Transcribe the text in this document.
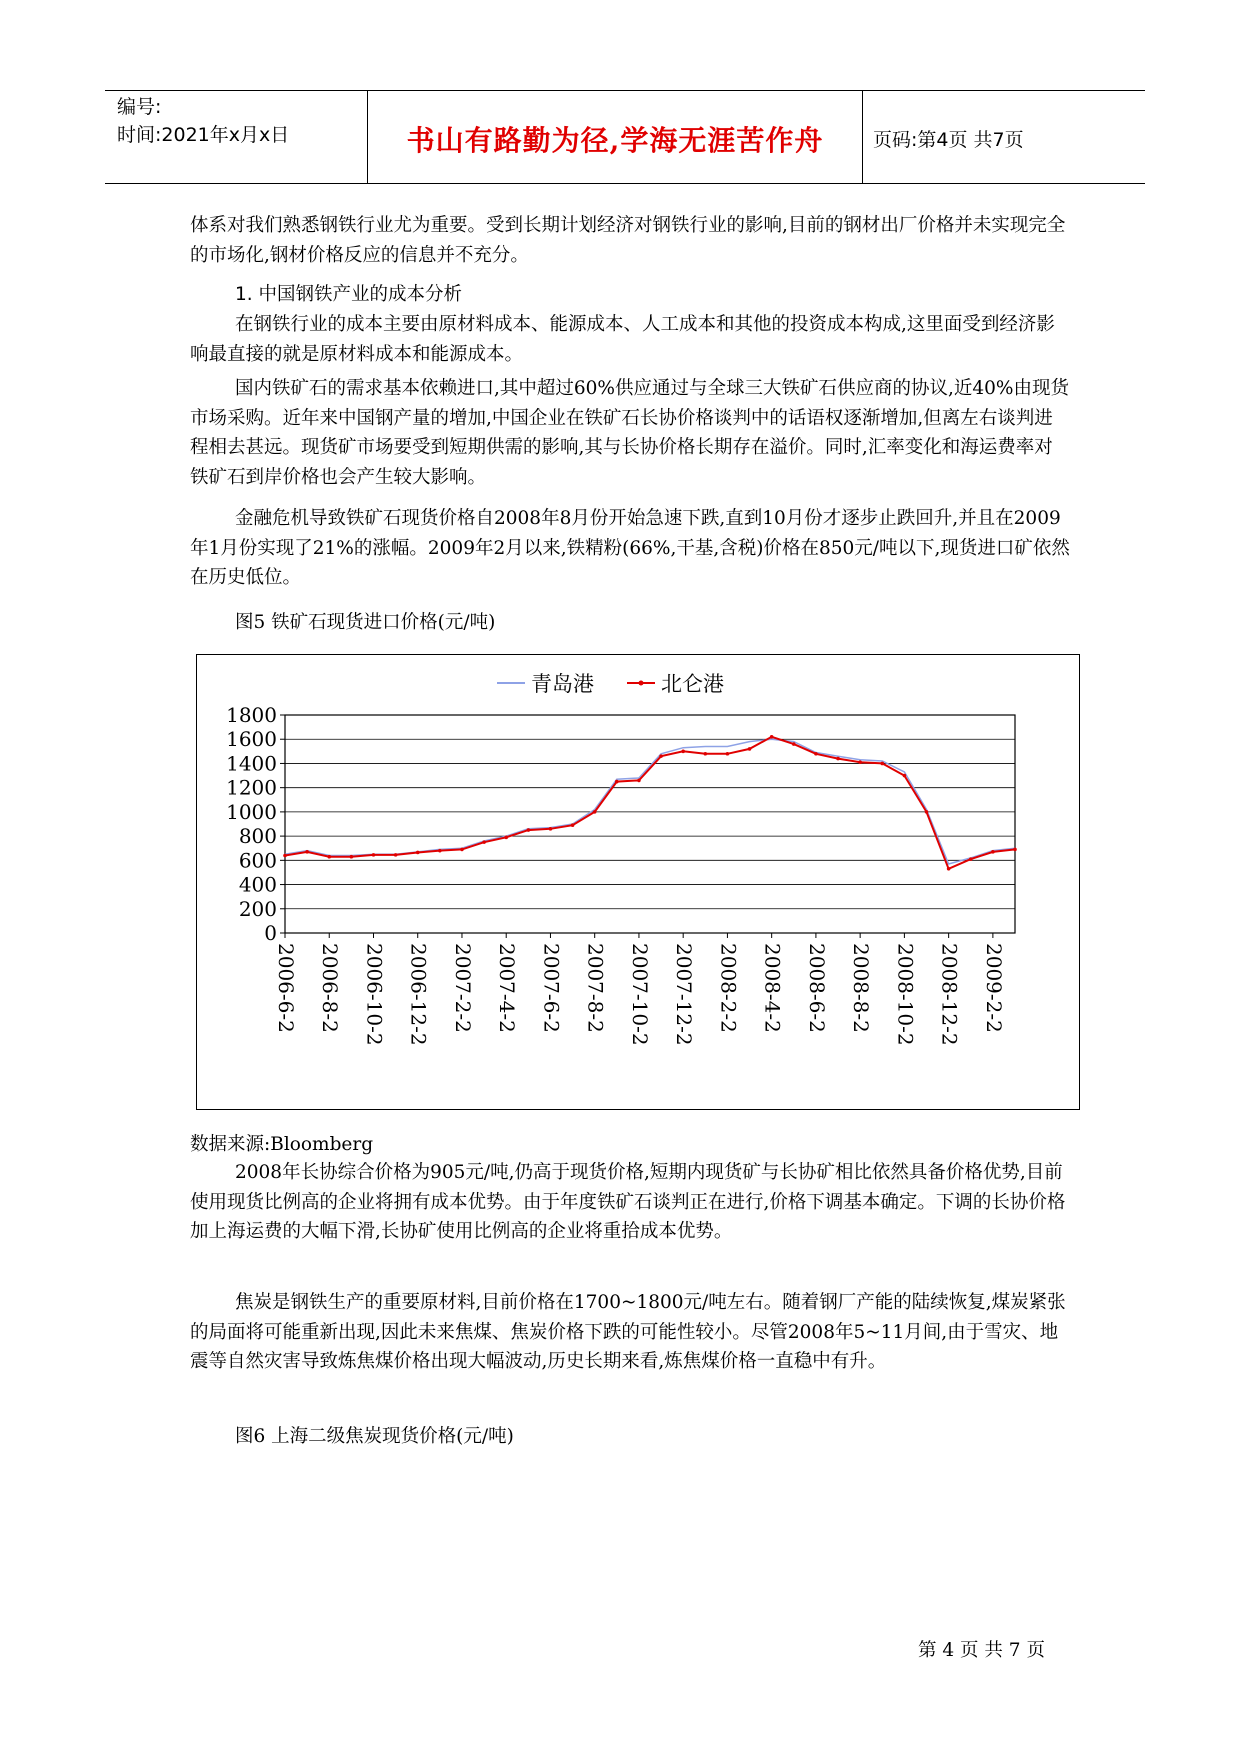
编号:
时间:2021年x月x日	书山有路勤为径,学海无涯苦作舟	页码:第4页 共7页
体系对我们熟悉钢铁行业尤为重要。受到长期计划经济对钢铁行业的影响,目前的钢材出厂价格并未实现完全的市场化,钢材价格反应的信息并不充分。
1. 中国钢铁产业的成本分析
在钢铁行业的成本主要由原材料成本、能源成本、人工成本和其他的投资成本构成,这里面受到经济影响最直接的就是原材料成本和能源成本。
国内铁矿石的需求基本依赖进口,其中超过60%供应通过与全球三大铁矿石供应商的协议,近40%由现货市场采购。近年来中国钢产量的增加,中国企业在铁矿石长协价格谈判中的话语权逐渐增加,但离左右谈判进程相去甚远。现货矿市场要受到短期供需的影响,其与长协价格长期存在溢价。同时,汇率变化和海运费率对铁矿石到岸价格也会产生较大影响。
金融危机导致铁矿石现货价格自2008年8月份开始急速下跌,直到10月份才逐步止跌回升,并且在2009年1月份实现了21%的涨幅。2009年2月以来,铁精粉(66%,干基,含税)价格在850元/吨以下,现货进口矿依然在历史低位。
图5 铁矿石现货进口价格(元/吨)
0
200
400
600
800
1000
1200
1400
1600
1800
2006-6-2 2006-8-2 2006-10-2 2006-12-2 2007-2-2 2007-4-2 2007-6-2 2007-8-2 2007-10-2 2007-12-2 2008-2-2 2008-4-2 2008-6-2 2008-8-2 2008-10-2 2008-12-2 2009-2-2
青岛港	北仑港
数据来源:Bloomberg
2008年长协综合价格为905元/吨,仍高于现货价格,短期内现货矿与长协矿相比依然具备价格优势,目前使用现货比例高的企业将拥有成本优势。由于年度铁矿石谈判正在进行,价格下调基本确定。下调的长协价格加上海运费的大幅下滑,长协矿使用比例高的企业将重拾成本优势。
焦炭是钢铁生产的重要原材料,目前价格在1700~1800元/吨左右。随着钢厂产能的陆续恢复,煤炭紧张的局面将可能重新出现,因此未来焦煤、焦炭价格下跌的可能性较小。尽管2008年5~11月间,由于雪灾、地震等自然灾害导致炼焦煤价格出现大幅波动,历史长期来看,炼焦煤价格一直稳中有升。
图6 上海二级焦炭现货价格(元/吨)
第 4 页 共 7 页
